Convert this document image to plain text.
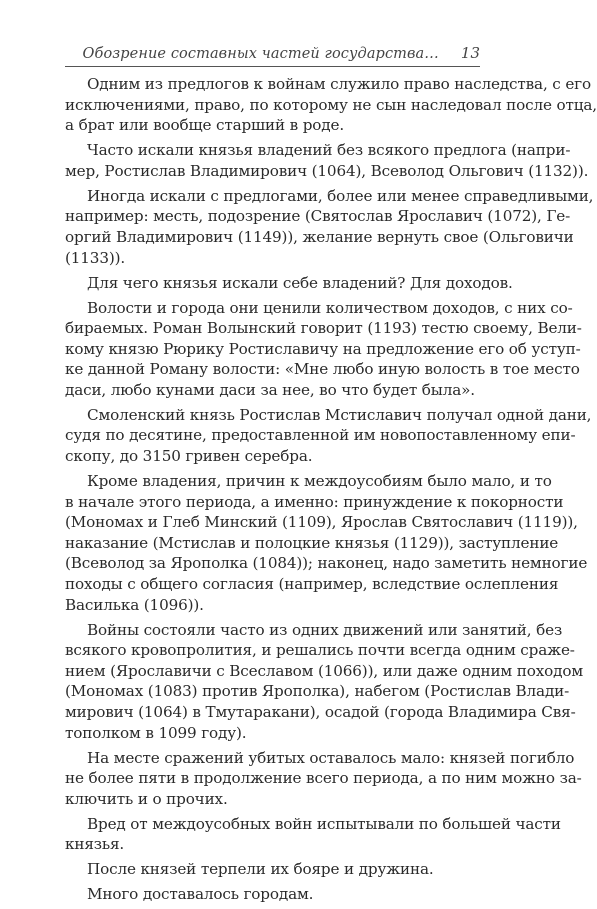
Обозрение составных частей государства… 13

Одним из предлогов к войнам служило право наследства, с его
исключениями, право, по которому не сын наследовал после отца,
а брат или вообще старший в роде.

Часто искали князья владений без всякого предлога (напри-
мер, Ростислав Владимирович (1064), Всеволод Ольгович (1132)).

Иногда искали с предлогами, более или менее справедливыми,
например: месть, подозрение (Святослав Ярославич (1072), Ге-
оргий Владимирович (1149)), желание вернуть свое (Ольговичи
(1133)).

Для чего князья искали себе владений? Для доходов.

Волости и города они ценили количеством доходов, с них со-
бираемых. Роман Волынский говорит (1193) тестю своему, Вели-
кому князю Рюрику Ростиславичу на предложение его об уступ-
ке данной Роману волости: «Мне любо иную волость в тое место
даси, любо кунами даси за нее, во что будет была».

Смоленский князь Ростислав Мстиславич получал одной дани,
судя по десятине, предоставленной им новопоставленному епи-
скопу, до 3150 гривен серебра.

Кроме владения, причин к междоусобиям было мало, и то
в начале этого периода, а именно: принуждение к покорности
(Мономах и Глеб Минский (1109), Ярослав Святославич (1119)),
наказание (Мстислав и полоцкие князья (1129)), заступление
(Всеволод за Ярополка (1084)); наконец, надо заметить немногие
походы с общего согласия (например, вследствие ослепления
Василька (1096)).

Войны состояли часто из одних движений или занятий, без
всякого кровопролития, и решались почти всегда одним сраже-
нием (Ярославичи с Всеславом (1066)), или даже одним походом
(Мономах (1083) против Ярополка), набегом (Ростислав Влади-
мирович (1064) в Тмутаракани), осадой (города Владимира Свя-
тополком в 1099 году).

На месте сражений убитых оставалось мало: князей погибло
не более пяти в продолжение всего периода, а по ним можно за-
ключить и о прочих.

Вред от междоусобных войн испытывали по большей части
князья.

После князей терпели их бояре и дружина.

Много доставалось городам.
